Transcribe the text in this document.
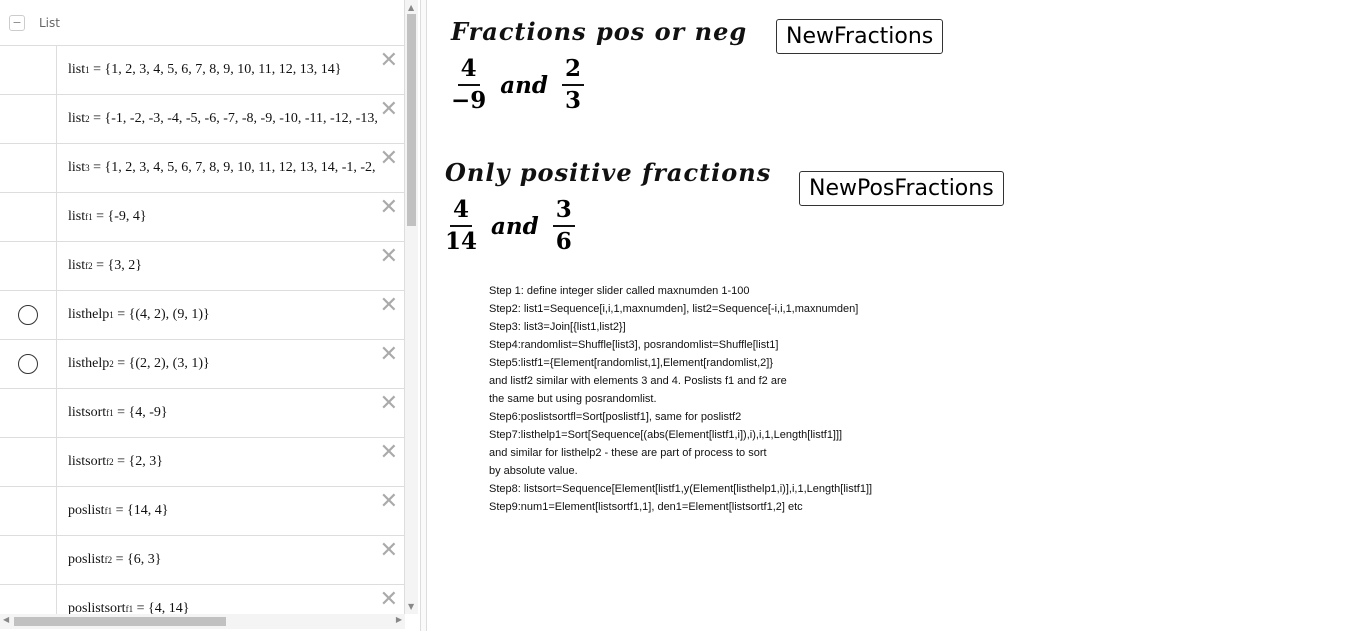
− List
list 1 = {1, 2, 3, 4, 5, 6, 7, 8, 9, 10, 11, 12, 13, 14} ✕
list 2 = {-1, -2, -3, -4, -5, -6, -7, -8, -9, -10, -11, -12, -13, ✕
list 3 = {1, 2, 3, 4, 5, 6, 7, 8, 9, 10, 11, 12, 13, 14, -1, -2, ✕
list f1 = {-9, 4}	✕
list f2 = {3, 2}	✕
listhelp 1 = {(4, 2), (9, 1)}	✕
listhelp 2 = {(2, 2), (3, 1)}	✕
listsort f1 = {4, -9}	✕
listsort f2 = {2, 3}	✕
poslist f1 = {14, 4}	✕
poslist f2 = {6, 3}	✕
poslistsort f1 = {4, 14}	✕
▲
▼
◀	▶
Fractions pos or neg	NewFractions
$\frac{4}{-9}$ and $\frac{2}{3}$
Only positive fractions
NewPosFractions
$\frac{4}{14}$ and $\frac{3}{6}$
Step 1: define integer slider called maxnumden 1-100
Step2: list1=Sequence[i,i,1,maxnumden], list2=Sequence[-i,i,1,maxnumden]
Step3: list3=Join[{list1,list2}]
Step4:randomlist=Shuffle[list3], posrandomlist=Shuffle[list1]
Step5:listf1={Element[randomlist,1],Element[randomlist,2]}
and listf2 similar with elements 3 and 4. Poslists f1 and f2 are
the same but using posrandomlist.
Step6:poslistsortfl=Sort[poslistf1], same for poslistf2
Step7:listhelp1=Sort[Sequence[(abs(Element[listf1,i]),i),i,1,Length[listf1]]]
and similar for listhelp2 - these are part of process to sort
by absolute value.
Step8: listsort=Sequence[Element[listf1,y(Element[listhelp1,i)],i,1,Length[listf1]]
Step9:num1=Element[listsortf1,1], den1=Element[listsortf1,2] etc
